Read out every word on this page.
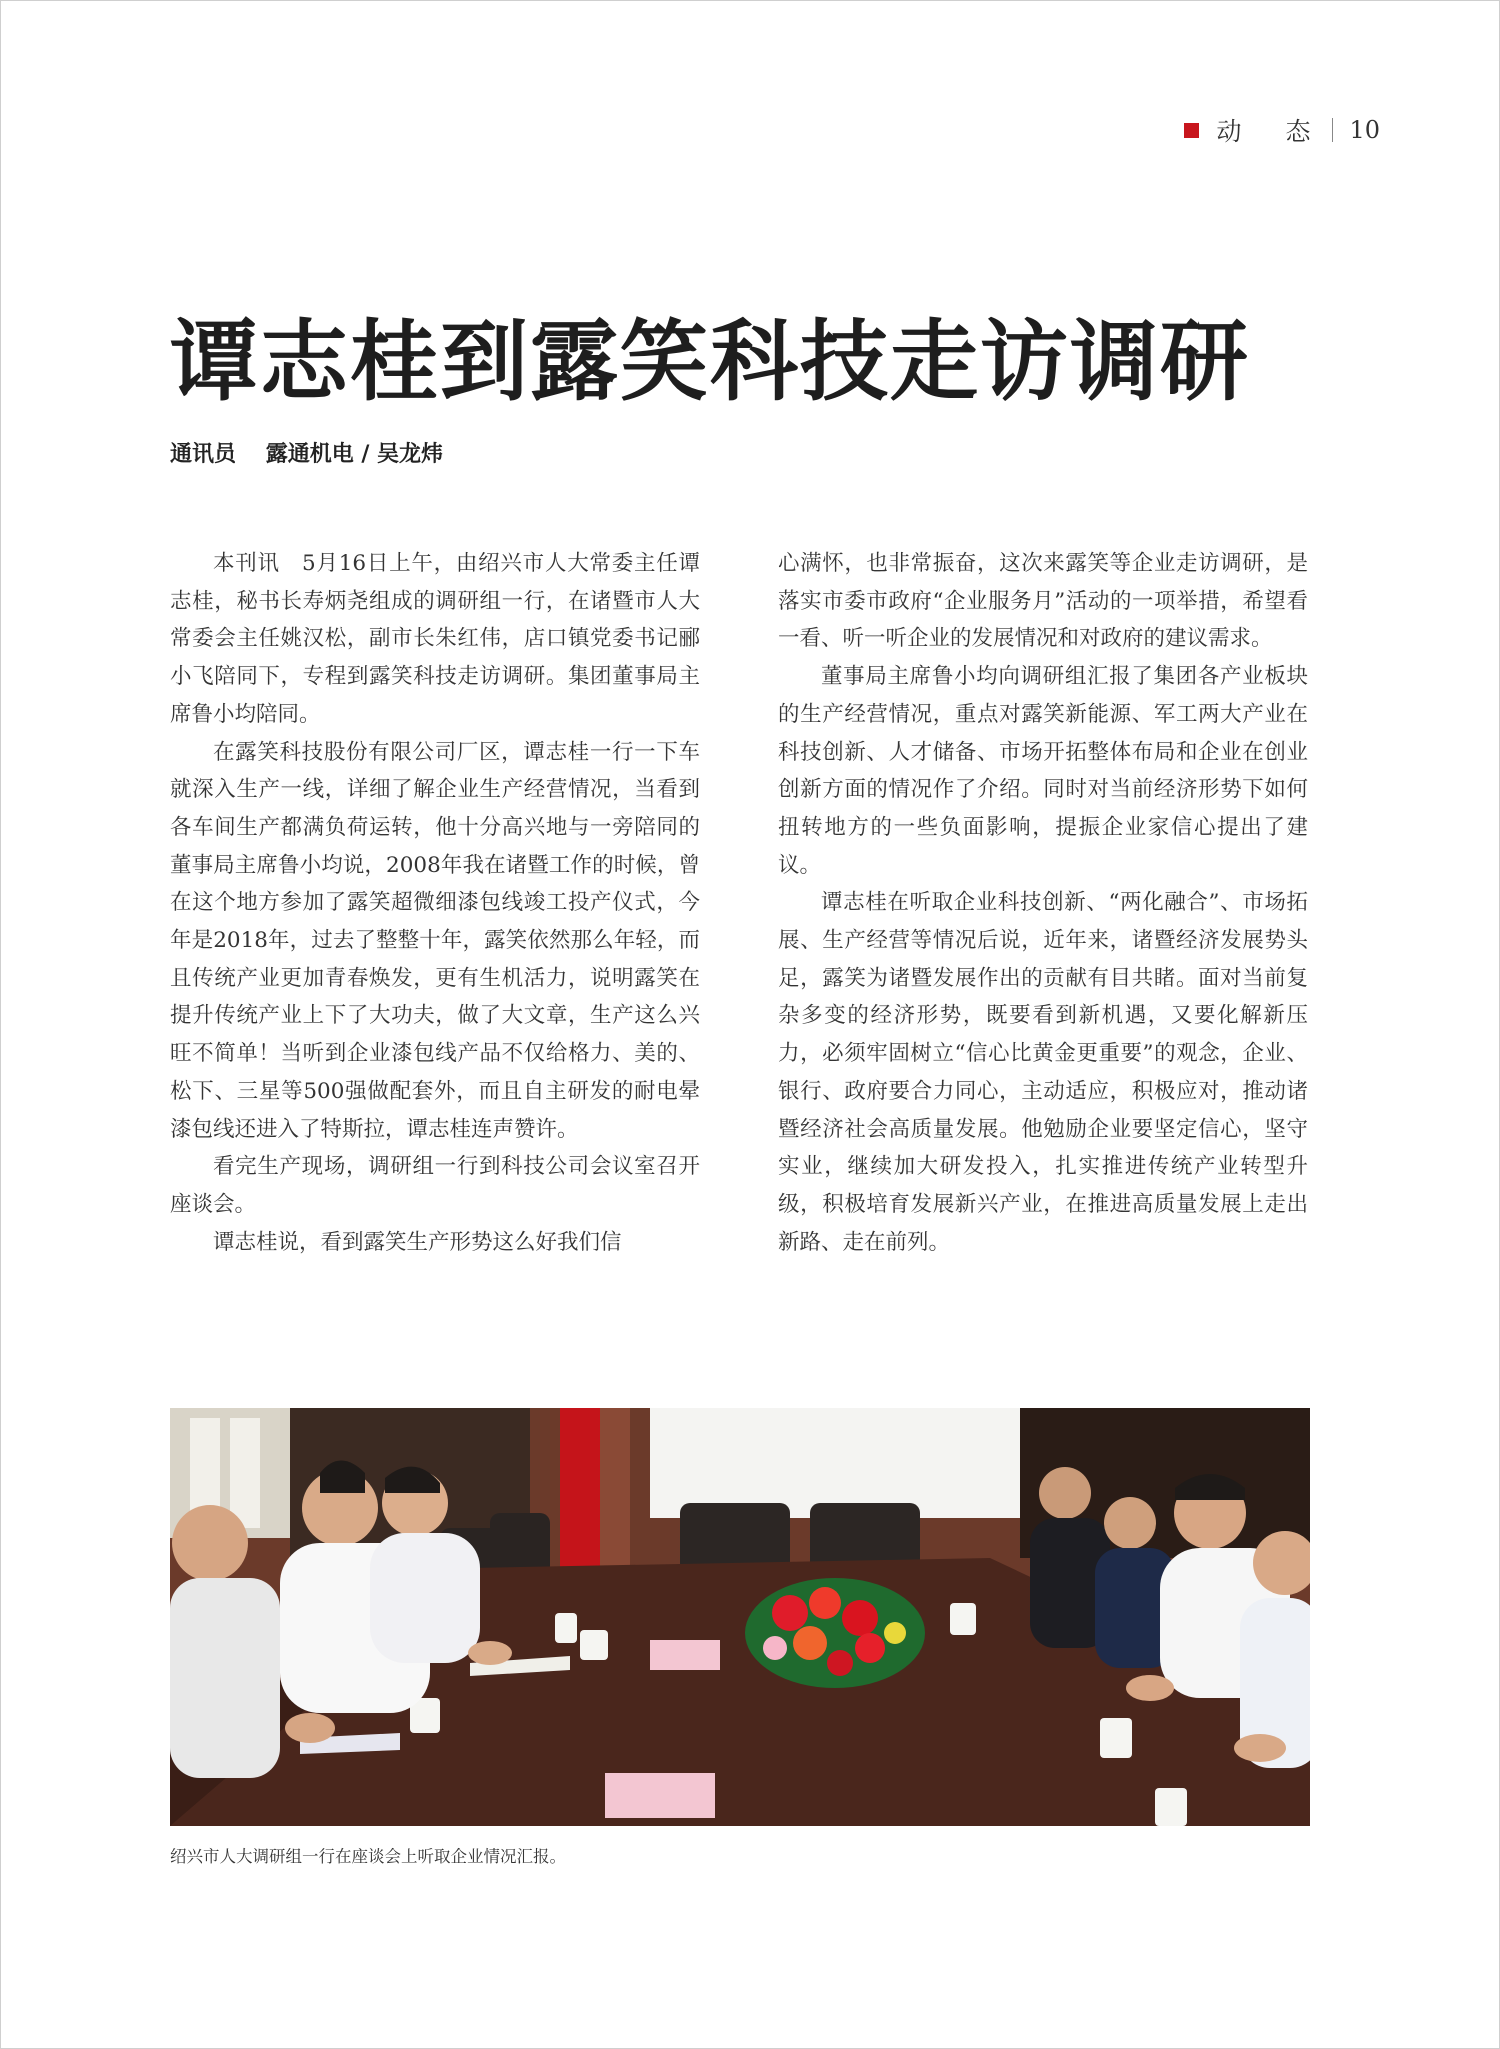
动 态 10
谭志桂到露笑科技走访调研
通讯员 露通机电 / 吴龙炜

本刊讯　5月16日上午，由绍兴市人大常委主任谭志桂，秘书长寿炳尧组成的调研组一行，在诸暨市人大常委会主任姚汉松，副市长朱红伟，店口镇党委书记郦小飞陪同下，专程到露笑科技走访调研。集团董事局主席鲁小均陪同。

在露笑科技股份有限公司厂区，谭志桂一行一下车就深入生产一线，详细了解企业生产经营情况，当看到各车间生产都满负荷运转，他十分高兴地与一旁陪同的董事局主席鲁小均说，2008年我在诸暨工作的时候，曾在这个地方参加了露笑超微细漆包线竣工投产仪式，今年是2018年，过去了整整十年，露笑依然那么年轻，而且传统产业更加青春焕发，更有生机活力，说明露笑在提升传统产业上下了大功夫，做了大文章，生产这么兴旺不简单！当听到企业漆包线产品不仅给格力、美的、松下、三星等500强做配套外，而且自主研发的耐电晕漆包线还进入了特斯拉，谭志桂连声赞许。

看完生产现场，调研组一行到科技公司会议室召开座谈会。

谭志桂说，看到露笑生产形势这么好我们信

心满怀，也非常振奋，这次来露笑等企业走访调研，是落实市委市政府“企业服务月”活动的一项举措，希望看一看、听一听企业的发展情况和对政府的建议需求。

董事局主席鲁小均向调研组汇报了集团各产业板块的生产经营情况，重点对露笑新能源、军工两大产业在科技创新、人才储备、市场开拓整体布局和企业在创业创新方面的情况作了介绍。同时对当前经济形势下如何扭转地方的一些负面影响，提振企业家信心提出了建议。

谭志桂在听取企业科技创新、“两化融合”、市场拓展、生产经营等情况后说，近年来，诸暨经济发展势头足，露笑为诸暨发展作出的贡献有目共睹。面对当前复杂多变的经济形势，既要看到新机遇，又要化解新压力，必须牢固树立“信心比黄金更重要”的观念，企业、银行、政府要合力同心，主动适应，积极应对，推动诸暨经济社会高质量发展。他勉励企业要坚定信心，坚守实业，继续加大研发投入，扎实推进传统产业转型升级，积极培育发展新兴产业，在推进高质量发展上走出新路、走在前列。

绍兴市人大调研组一行在座谈会上听取企业情况汇报。
